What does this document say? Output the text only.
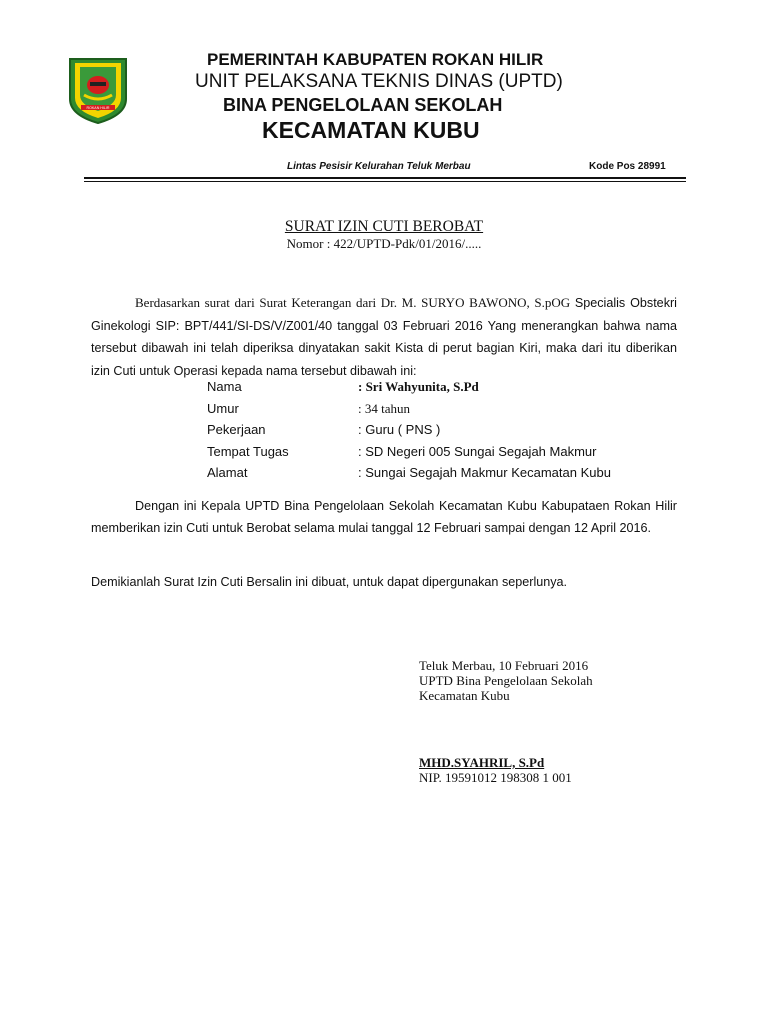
ROKAN HILIR
PEMERINTAH KABUPATEN ROKAN HILIR
UNIT PELAKSANA TEKNIS DINAS (UPTD)
BINA PENGELOLAAN SEKOLAH
KECAMATAN KUBU
Lintas Pesisir Kelurahan Teluk Merbau	Kode Pos 28991
SURAT IZIN CUTI BEROBAT
Nomor : 422/UPTD-Pdk/01/2016/.....
Berdasarkan surat dari Surat Keterangan dari Dr. M. SURYO BAWONO, S.pOG Specialis Obstekri Ginekologi SIP: BPT/441/SI-DS/V/Z001/40 tanggal 03 Februari 2016 Yang menerangkan bahwa nama tersebut dibawah ini telah diperiksa dinyatakan sakit Kista di perut bagian Kiri, maka dari itu diberikan izin Cuti untuk Operasi kepada nama tersebut dibawah ini:
Nama	: Sri Wahyunita, S.Pd
Umur	: 34 tahun
Pekerjaan	: Guru ( PNS )
Tempat Tugas	: SD Negeri 005 Sungai Segajah Makmur
Alamat	: Sungai Segajah Makmur Kecamatan Kubu
Dengan ini Kepala UPTD Bina Pengelolaan Sekolah Kecamatan Kubu Kabupataen Rokan Hilir memberikan izin Cuti untuk Berobat selama mulai tanggal 12 Februari sampai dengan 12 April 2016.
Demikianlah Surat Izin Cuti Bersalin ini dibuat, untuk dapat dipergunakan seperlunya.
Teluk Merbau, 10 Februari 2016
UPTD Bina Pengelolaan Sekolah
Kecamatan Kubu
MHD.SYAHRIL, S.Pd
NIP. 19591012 198308 1 001
